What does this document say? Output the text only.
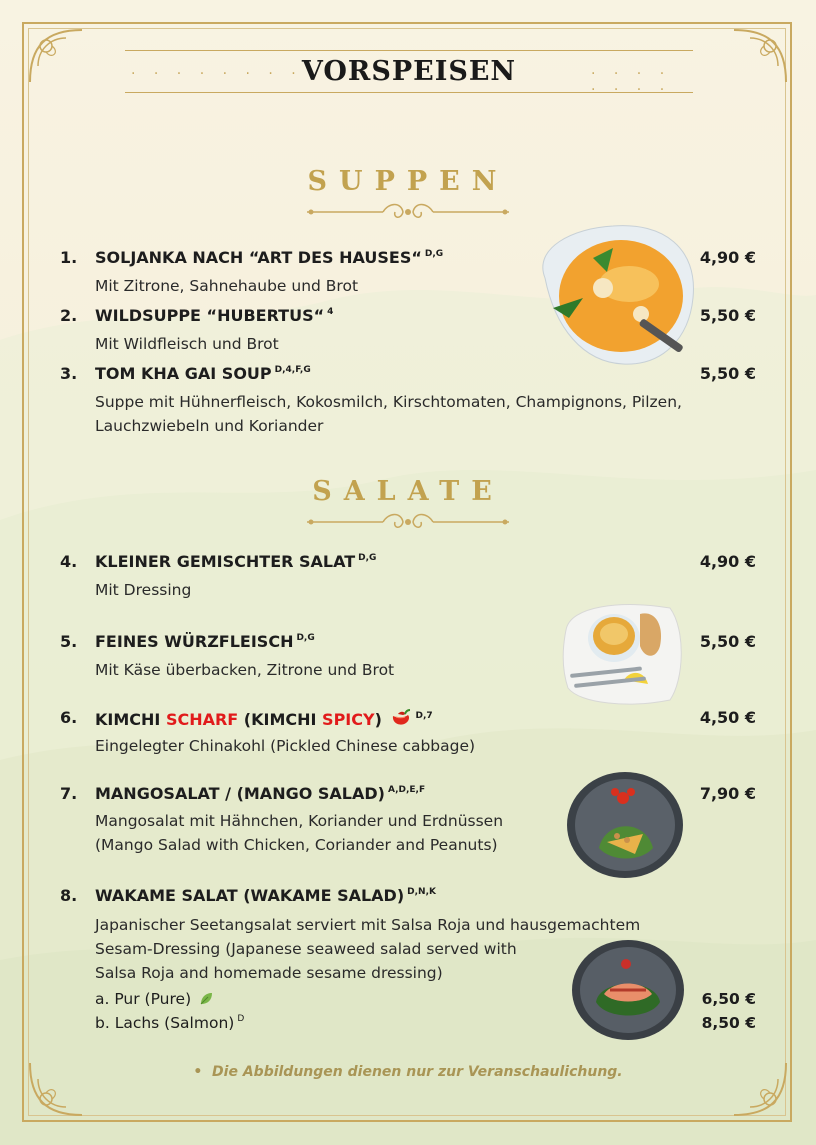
. . . . . . . . VORSPEISEN	. . . . . . . .
SUPPEN
1. SOLJANKA NACH “ART DES HAUSES“ $^{D,G}$	4,90 €
Mit Zitrone, Sahnehaube und Brot
2. WILDSUPPE “HUBERTUS“ $^4$	5,50 €
Mit Wildfleisch und Brot
3. TOM KHA GAI SOUP $^{D,4,F,G}$	5,50 €
Suppe mit Hühnerfleisch, Kokosmilch, Kirschtomaten, Champignons, Pilzen,
Lauchzwiebeln und Koriander
SALATE
4. KLEINER GEMISCHTER SALAT $^{D,G}$	4,90 €
Mit Dressing
5. FEINES WÜRZFLEISCH $^{D,G}$	5,50 €
Mit Käse überbacken, Zitrone und Brot
6. KIMCHI SCHARF (KIMCHI SPICY)	$^{D,7}$	4,50 €
Eingelegter Chinakohl (Pickled Chinese cabbage)
7. MANGOSALAT / (MANGO SALAD) $^{A,D,E,F}$	7,90 €
Mangosalat mit Hähnchen, Koriander und Erdnüssen
(Mango Salad with Chicken, Coriander and Peanuts)
8. WAKAME SALAT (WAKAME SALAD) $^{D,N,K}$
Japanischer Seetangsalat serviert mit Salsa Roja und hausgemachtem
Sesam-Dressing (Japanese seaweed salad served with
Salsa Roja and homemade sesame dressing)
a. Pur (Pure)	6,50 €
b. Lachs (Salmon) $^D$	8,50 €
• Die Abbildungen dienen nur zur Veranschaulichung.
